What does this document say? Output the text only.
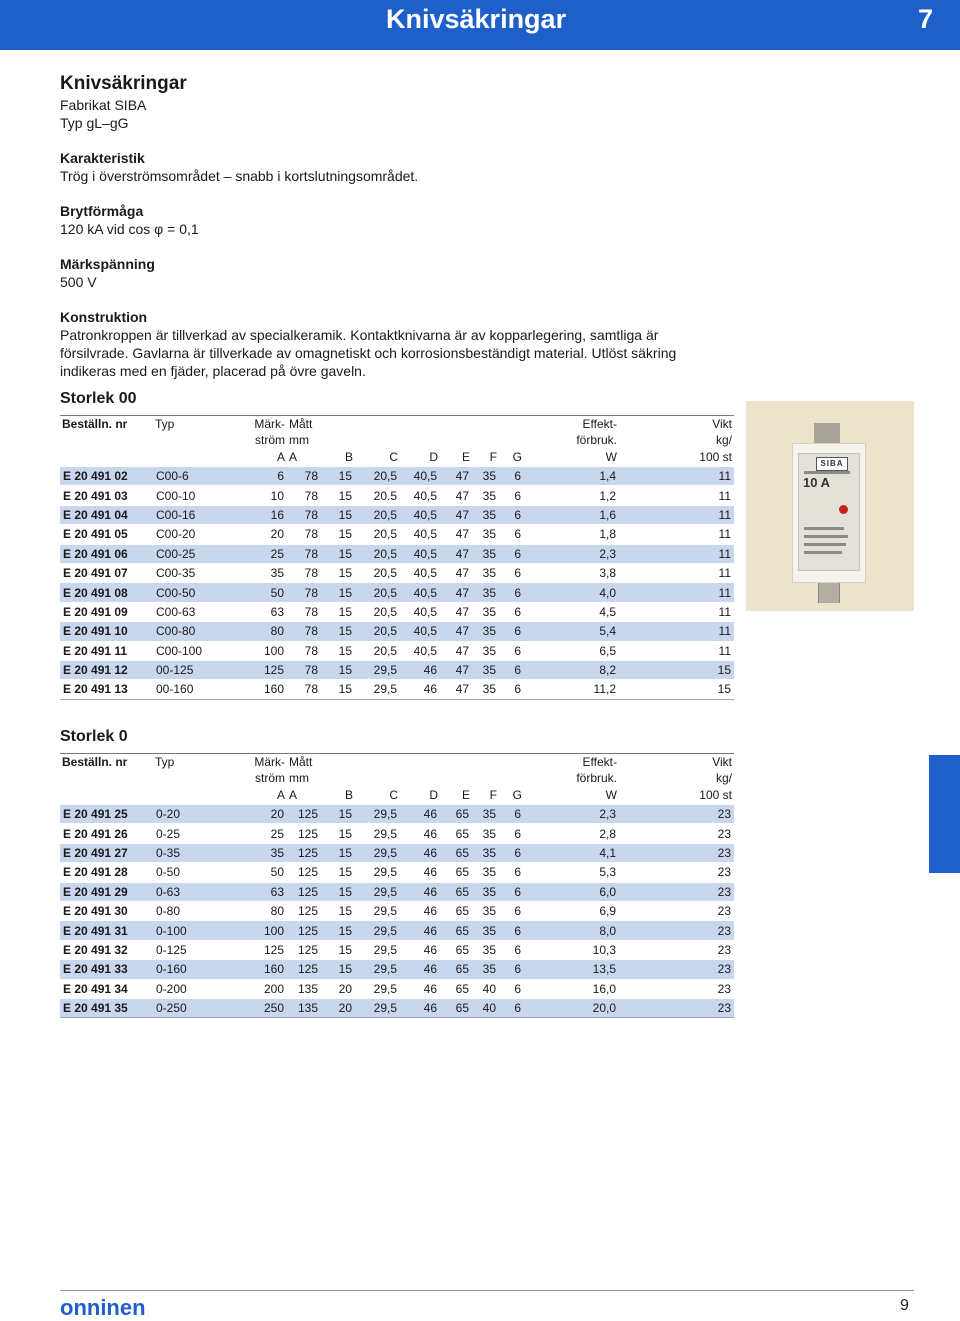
Knivsäkringar	7
Knivsäkringar
Fabrikat SIBA
Typ gL–gG
Karakteristik
Trög i överströmsområdet – snabb i kortslutningsområdet.
Brytförmåga
120 kA vid cos φ = 0,1
Märkspänning
500 V
Konstruktion
Patronkroppen är tillverkad av specialkeramik. Kontaktknivarna är av kopparlegering, samtliga är försilvrade. Gavlarna är tillverkade av omagnetiskt och korrosionsbeständigt material. Utlöst säkring indikeras med en fjäder, placerad på övre gaveln.
Storlek 00
Beställn. nr	Typ	Märk-	Mått							Effekt-	Vikt
		ström	mm							förbruk.	kg/
		A	A	B	C	D	E	F	G	W	100 st
E 20 491 02	C00-6	6	78	15	20,5	40,5	47	35	6	1,4	11
E 20 491 03	C00-10	10	78	15	20.5	40,5	47	35	6	1,2	11
E 20 491 04	C00-16	16	78	15	20,5	40,5	47	35	6	1,6	11
E 20 491 05	C00-20	20	78	15	20,5	40,5	47	35	6	1,8	11
E 20 491 06	C00-25	25	78	15	20,5	40,5	47	35	6	2,3	11
E 20 491 07	C00-35	35	78	15	20,5	40,5	47	35	6	3,8	11
E 20 491 08	C00-50	50	78	15	20,5	40,5	47	35	6	4,0	11
E 20 491 09	C00-63	63	78	15	20,5	40,5	47	35	6	4,5	11
E 20 491 10	C00-80	80	78	15	20,5	40,5	47	35	6	5,4	11
E 20 491 11	C00-100	100	78	15	20,5	40,5	47	35	6	6,5	11
E 20 491 12	00-125	125	78	15	29,5	46	47	35	6	8,2	15
E 20 491 13	00-160	160	78	15	29,5	46	47	35	6	11,2	15
Storlek 0
Beställn. nr	Typ	Märk-	Mått							Effekt-	Vikt
		ström	mm							förbruk.	kg/
		A	A	B	C	D	E	F	G	W	100 st
E 20 491 25	0-20	20	125	15	29,5	46	65	35	6	2,3	23
E 20 491 26	0-25	25	125	15	29,5	46	65	35	6	2,8	23
E 20 491 27	0-35	35	125	15	29,5	46	65	35	6	4,1	23
E 20 491 28	0-50	50	125	15	29,5	46	65	35	6	5,3	23
E 20 491 29	0-63	63	125	15	29,5	46	65	35	6	6,0	23
E 20 491 30	0-80	80	125	15	29,5	46	65	35	6	6,9	23
E 20 491 31	0-100	100	125	15	29,5	46	65	35	6	8,0	23
E 20 491 32	0-125	125	125	15	29,5	46	65	35	6	10,3	23
E 20 491 33	0-160	160	125	15	29,5	46	65	35	6	13,5	23
E 20 491 34	0-200	200	135	20	29,5	46	65	40	6	16,0	23
E 20 491 35	0-250	250	135	20	29,5	46	65	40	6	20,0	23
SIBA
10 A
onninen	9
